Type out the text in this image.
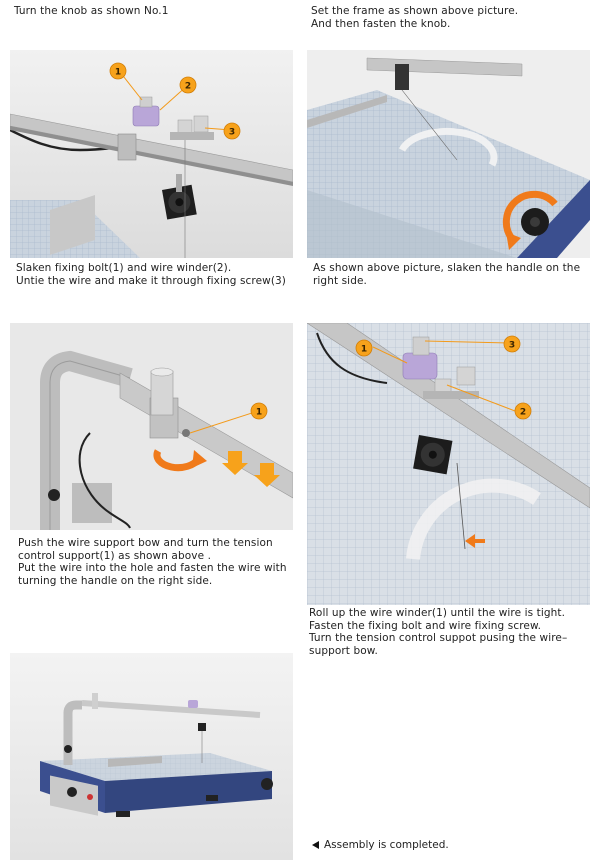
Turn the knob as shown No.1	Set the frame as shown above picture.
And then fasten the knob.
1
2
3
Slaken fixing bolt(1) and wire winder(2).
Untie the wire and make it through fixing screw(3)
As shown above picture, slaken the handle on the
right side.
1
1	3
2
Push the wire support bow and turn the tension
control support(1) as shown above .
Put the wire into the hole and fasten the wire with
turning the handle on the right side.
Roll up the wire winder(1) until the wire is tight.
Fasten the fixing bolt and wire fixing screw.
Turn the tension control suppot pusing the wire–
support bow.
Assembly is completed.
